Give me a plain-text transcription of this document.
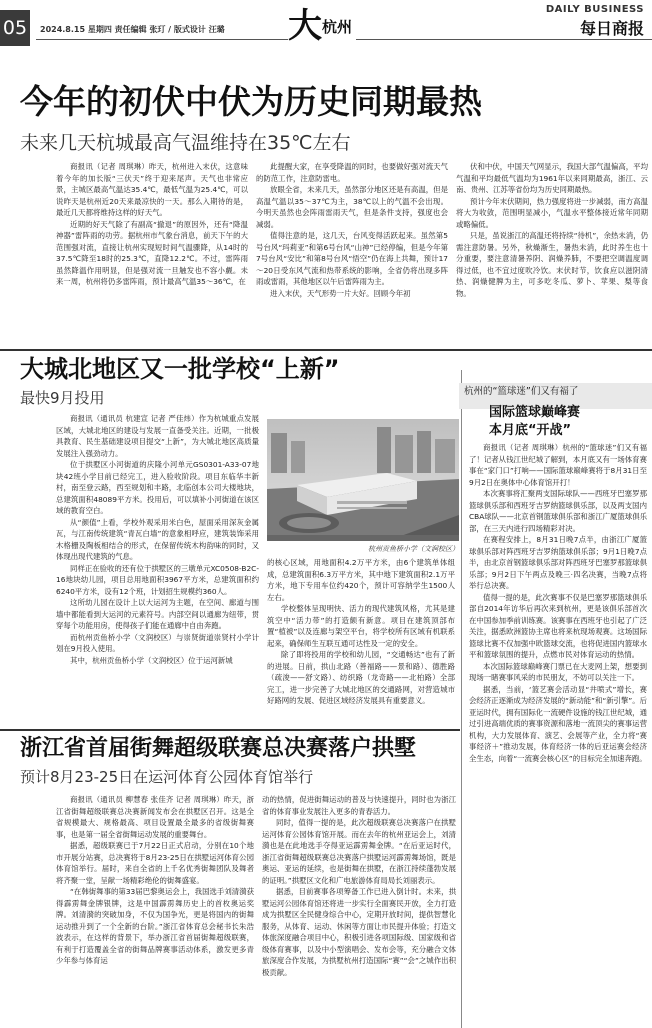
05	2024.8.15 星期四 责任编辑 张玎 / 版式设计 汪璐 大 杭州
DAILY BUSINESS
每日商报
今年的初伏中伏为历史同期最热
未来几天杭城最高气温维持在35℃左右

商报讯（记者 周琪琳）昨天，杭州进入末伏，这意味着今年的加长版“三伏天”终于迎来尾声。天气也非常应景，主城区最高气温达35.4℃，最低气温为25.4℃，可以说昨天是杭州近20天来最凉快的一天。那么入期待的是，最近几天都将维持这样的好天气。

近期的好天气除了有副高“撤退”的原因外，还有“降温神器”雷阵雨的功劳。据杭州市气象台消息，前天下午的大范围强对流，直接让杭州实现短时间气温骤降，从14时的37.5℃降至18时的25.3℃，直降12.2℃。不过，雷阵雨虽然降温作用明显，但是强对流一旦触发也不容小觑。未来一周，杭州将仍多雷阵雨，预计最高气温35～36℃，在

此提醒大家，在享受降温的同时，也要做好强对流天气的防范工作，注意防雷电。

放眼全省，未来几天，虽然部分地区还是有高温，但是高温气温以35～37℃为主，38℃以上的气温不会出现。今明天虽然也会阵雨雷雨天气，但是条件支持，强度也会减弱。

值得注意的是，这几天，台风变得活跃起来。虽然第5号台风“玛莉亚”和第6号台风“山神”已经停编，但是今年第7号台风“安比”和第8号台风“悟空”仍在海上共舞，预计17～20日受东风气流和热带系统的影响，全省仍将出现多阵雨或雷雨，其他地区以午后雷阵雨为主。

进入末伏，天气形势一片大好。回顾今年初

伏和中伏，中国天气网显示，我国大部气温偏高，平均气温和平均最低气温均为1961年以来同期最高，浙江、云南、贵州、江苏等省份均为历史同期最热。

预计今年末伏期间，热力强度将进一步减弱，南方高温将大为收敛，范围明显减小，气温水平整体接近常年同期或略偏低。

只是，虽说浙江的高温还将持续“待机”，余热未消，仍需注意防暑。另外，秋燥渐生，暑热未消，此时养生也十分重要，要注意清暑养阴、润燥养肺，不要把空调温度调得过低，也不宜过度吹冷饮。末伏时节，饮食应以滋阴清热、润燥健脾为主，可多吃冬瓜、萝卜、苹果、梨等食物。

大城北地区又一批学校“上新”
最快9月投用

商报讯（通讯员 杭建宣 记者 严佳炜）作为杭城重点发展区域，大城北地区的建设与发展一直备受关注。近期，一批极具教育、民生基础建设项目提交“上新”，为大城北地区高质量发展注入强劲动力。

位于拱墅区小河街道的庆隆小河单元GS0301-A33-07地块42班小学目前已经完工，进入验收阶段。项目东临华丰新村，南至登云路，西至规划和丰路，北临创本公司大楼地块，总建筑面积48089平方米。投用后，可以填补小河街道在该区域的教育空白。

从“颜值”上看，学校外观采用米白色，屋面采用深灰金属瓦，与江南传统建筑“青瓦白墙”的意象相呼应，建筑装饰采用木格栅及陶板相结合的形式，在保留传统木构韵味的同时，又体现出现代建筑的气息。

同样正在验收的还有位于拱墅区的三墩单元XC0508-B2C-16地块幼儿园，项目总用地面积3967平方米，总建筑面积约6240平方米，设有12个班，计划招生规模约360人。

这所幼儿园在设计上以大运河为主题，在空间、廊道与围墙中都能看到大运河的元素符号。内部空间以通廊为纽带，贯穿每个功能用房，使得孩子们能在通廊中自由奔跑。

而杭州贡鱼桥小学（文润校区）与崇贤街道崇贤村小学计划在9月投入使用。

其中，杭州贡鱼桥小学（文润校区）位于运河新城

杭州贡鱼桥小学（文润校区）

的核心区域，用地面积4.2万平方米，由6个建筑单体组成，总建筑面积6.3万平方米，其中地下建筑面积2.1万平方米，地下专用车位约420个，预计可容纳学生1500人左右。

学校整体呈现明快、活力的现代建筑风格，尤其是建筑空中“活力带”的打造颇有新意。项目在建筑顶部布置“植被”以及连廊与架空平台，将学校所有区域有机联系起来，确保师生互联互通可达性及一定的安全。

除了即将投用的学校和幼儿园，“交通畅达”也有了新的进展。日前，拱山北路（善福路——景和路）、德胜路（疏浚——舒文路）、纺织路（龙奇路——北柏路）全部完工，进一步完善了大城北地区的交通路网，对营造城市好路网的发展、促进区域经济发展具有重要意义。

杭州的“篮球迷”们又有福了
国际篮球巅峰赛
本月底“开战”

商报讯（记者 周琪琳）杭州的“篮球迷”们又有福了！记者从钱江世纪城了解到，本月底又有一场体育赛事在“家门口”打响——国际篮球巅峰赛将于8月31日至9月2日在奥体中心体育馆开打！

本次赛事将汇聚两支国际球队——西班牙巴塞罗那篮球俱乐部和西班牙吉罗纳篮球俱乐部，以及两支国内CBA球队——北京首钢篮球俱乐部和浙江广厦篮球俱乐部，在三天内进行四场精彩对决。

在赛程安排上，8月31日晚7点半，由浙江广厦篮球俱乐部对阵西班牙吉罗纳篮球俱乐部；9月1日晚7点半，由北京首钢篮球俱乐部对阵西班牙巴塞罗那篮球俱乐部；9月2日下午两点及晚三·四名决赛，当晚7点将举行总决赛。

值得一提的是，此次赛事不仅是巴塞罗那篮球俱乐部自2014年访华后再次来到杭州，更是该俱乐部首次在中国参加季前训练赛。该赛事在西班牙也引起了广泛关注，据悉欧洲篮协主席也将来杭现场观赛。这场国际篮球比赛不仅加强中欧篮球交流，也将促进国内篮球水平和篮球氛围的提升，点燃市民对体育运动的热情。

本次国际篮球巅峰赛门票已在大麦网上架，想要到现场一睹赛事风采的市民朋友，不妨可以关注一下。

据悉，当前，‘篮艺赛会活动显“井喷式”增长，赛会经济正逐渐成为经济发展的“新动能”和“新引擎”。后亚运时代，拥有国际化一流硬件设施的钱江世纪城，通过引进高端优质的赛事资源和落地一流顶尖的赛事运营机构，大力发展体育、演艺、会展等产业，全力将“赛事经济＋”推动发展，体育经济一体的后亚运赛会经济全生态，向着“一流赛会核心区”的目标完全加速奔跑。

浙江省首届街舞超级联赛总决赛落户拱墅
预计8月23-25日在运河体育公园体育馆举行

商报讯（通讯员 柳慧春 张佳齐 记者 周琪琳）昨天，浙江省街舞超级联赛总决赛新闻发布会在拱墅区召开。这是全省规模最大、规格最高、项目设置最全最多的省级街舞赛事，也是第一届全省街舞运动发展的重要舞台。

据悉，超级联赛已于7月22日正式启动，分别在10个地市开展分站赛，总决赛将于8月23-25日在拱墅运河体育公园体育馆举行。届时，来自全省的上千名优秀街舞团队及舞者将齐聚一堂，呈献一场精彩绝伦的街舞盛宴。

“在韩街舞事的第33届巴黎奥运会上，我国选手刘清漪获得霹雳舞金牌银牌，这是中国霹雳舞历史上的首枚奥运奖牌。刘清漪的突破加身，不仅为国争光，更是将国内的街舞运动推升到了一个全新的台阶。”浙江省体育总会秘书长朱浩波表示，在这样的背景下，举办浙江省首届街舞超级联赛，有利于打造覆盖全省的街舞品牌赛事活动体系，激发更多青少年参与体育运

动的热情，促进街舞运动的普及与快速提升，同时也为浙江省的体育事业发展注入更多的青春活力。

同时，值得一提的是，此次超级联赛总决赛落户在拱墅运河体育公园体育馆开展。而在去年的杭州亚运会上，刘清漪也是在此地选手夺得亚运霹雳舞金牌。“在后亚运时代，浙江省街舞超级联赛总决赛落户拱墅运河霹雳舞场馆，既是奥运、亚运的延续，也是街舞在拱墅，在浙江持续蓬勃发展的证明。”拱墅区文化和广电旅游体育局局长刘丽表示。

据悉，目前赛事各项筹备工作已进入倒计时。未来，拱墅运河公园体育馆还将进一步实行全面赛民开放，全力打造成为拱墅区全民健身综合中心，定期开放时间，提供智慧化服务，从体育、运动、休闲等方面让市民提升体验；打造文体旅深度融合项目中心，积极引进各项国际级、国家级和省级体育赛事，以及中小型演唱会、发布会等，充分融合文体旅深度合作发展，为拱墅杭州打造国际“赛”“会”之城作出积极贡献。
